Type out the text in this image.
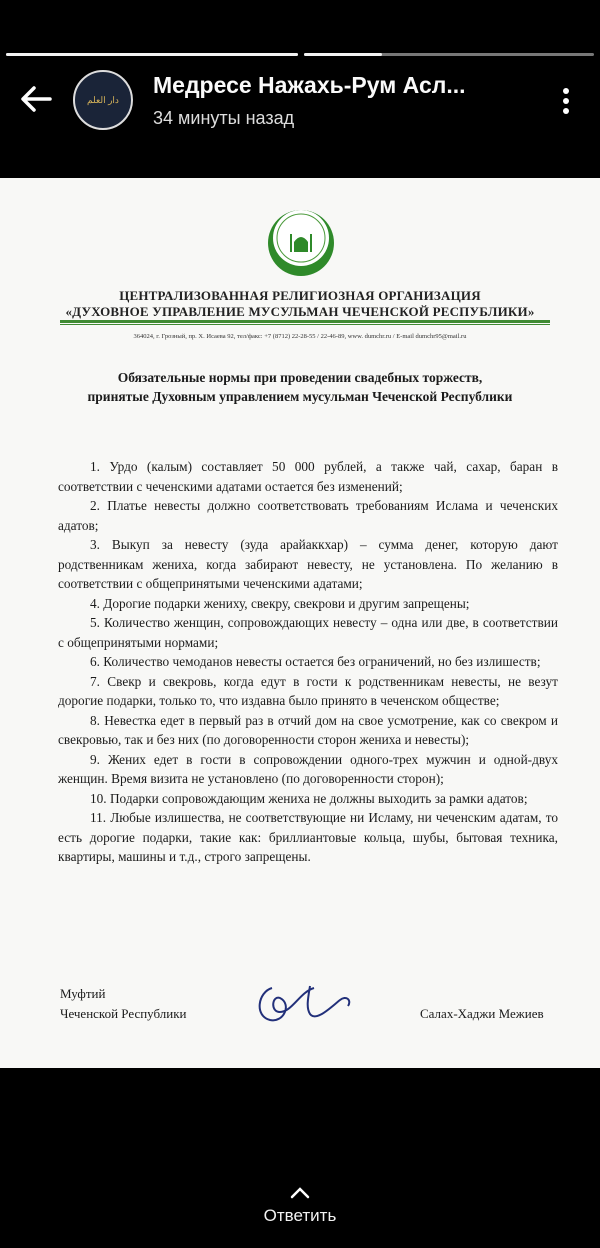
دار العلم
Медресе Нажахь-Рум Асл...
34 минуты назад
ЦЕНТРАЛИЗОВАННАЯ РЕЛИГИОЗНАЯ ОРГАНИЗАЦИЯ
«ДУХОВНОЕ УПРАВЛЕНИЕ МУСУЛЬМАН ЧЕЧЕНСКОЙ РЕСПУБЛИКИ»
364024, г. Грозный, пр. Х. Исаева 92, тел/факс: +7 (8712) 22-28-55 / 22-46-89, www. dumchr.ru / E-mail dumchr95@mail.ru
Обязательные нормы при проведении свадебных торжеств,
принятые Духовным управлением мусульман Чеченской Республики

1. Урдо (калым) составляет 50 000 рублей, а также чай, сахар, баран в соответствии с чеченскими адатами остается без изменений;

2. Платье невесты должно соответствовать требованиям Ислама и чеченских адатов;

3. Выкуп за невесту (зуда арайаккхар) – сумма денег, которую дают родственникам жениха, когда забирают невесту, не установлена. По желанию в соответствии с общепринятыми чеченскими адатами;

4. Дорогие подарки жениху, свекру, свекрови и другим запрещены;

5. Количество женщин, сопровождающих невесту – одна или две, в соответствии с общепринятыми нормами;

6. Количество чемоданов невесты остается без ограничений, но без излишеств;

7. Свекр и свекровь, когда едут в гости к родственникам невесты, не везут дорогие подарки, только то, что издавна было принято в чеченском обществе;

8. Невестка едет в первый раз в отчий дом на свое усмотрение, как со свекром и свекровью, так и без них (по договоренности сторон жениха и невесты);

9. Жених едет в гости в сопровождении одного-трех мужчин и одной-двух женщин. Время визита не установлено (по договоренности сторон);

10. Подарки сопровождающим жениха не должны выходить за рамки адатов;

11. Любые излишества, не соответствующие ни Исламу, ни чеченским адатам, то есть дорогие подарки, такие как: бриллиантовые кольца, шубы, бытовая техника, квартиры, машины и т.д., строго запрещены.

Муфтий
Чеченской Республики	Салах-Хаджи Межиев
Ответить
